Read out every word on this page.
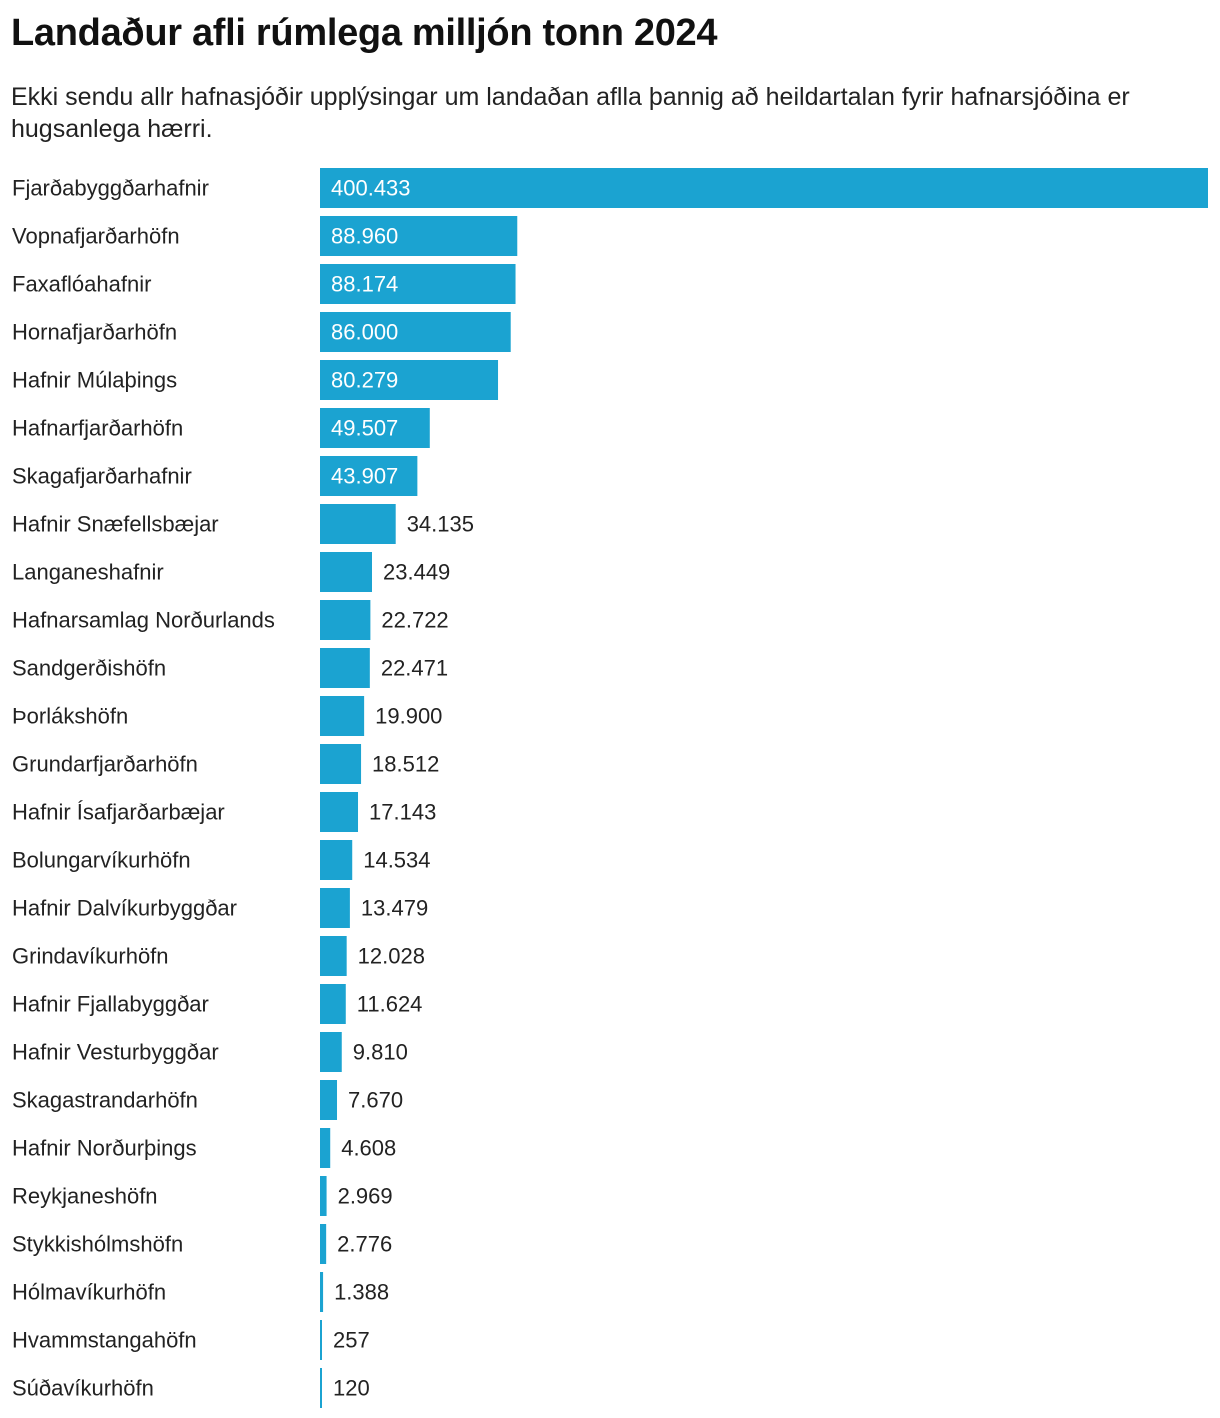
Landaður afli rúmlega milljón tonn 2024

Ekki sendu allr hafnasjóðir upplýsingar um landaðan aflla þannig að heildartalan fyrir hafnarsjóðina er hugsanlega hærri.

Fjarðabyggðarhafnir	400.433
Vopnafjarðarhöfn	88.960
Faxaflóahafnir	88.174
Hornafjarðarhöfn	86.000
Hafnir Múlaþings	80.279
Hafnarfjarðarhöfn	49.507
Skagafjarðarhafnir	43.907
Hafnir Snæfellsbæjar	34.135
Langaneshafnir	23.449
Hafnarsamlag Norðurlands	22.722
Sandgerðishöfn	22.471
Þorlákshöfn	19.900
Grundarfjarðarhöfn	18.512
Hafnir Ísafjarðarbæjar	17.143
Bolungarvíkurhöfn	14.534
Hafnir Dalvíkurbyggðar	13.479
Grindavíkurhöfn	12.028
Hafnir Fjallabyggðar	11.624
Hafnir Vesturbyggðar	9.810
Skagastrandarhöfn	7.670
Hafnir Norðurþings	4.608
Reykjaneshöfn	2.969
Stykkishólmshöfn	2.776
Hólmavíkurhöfn	1.388
Hvammstangahöfn	257
Súðavíkurhöfn	120
